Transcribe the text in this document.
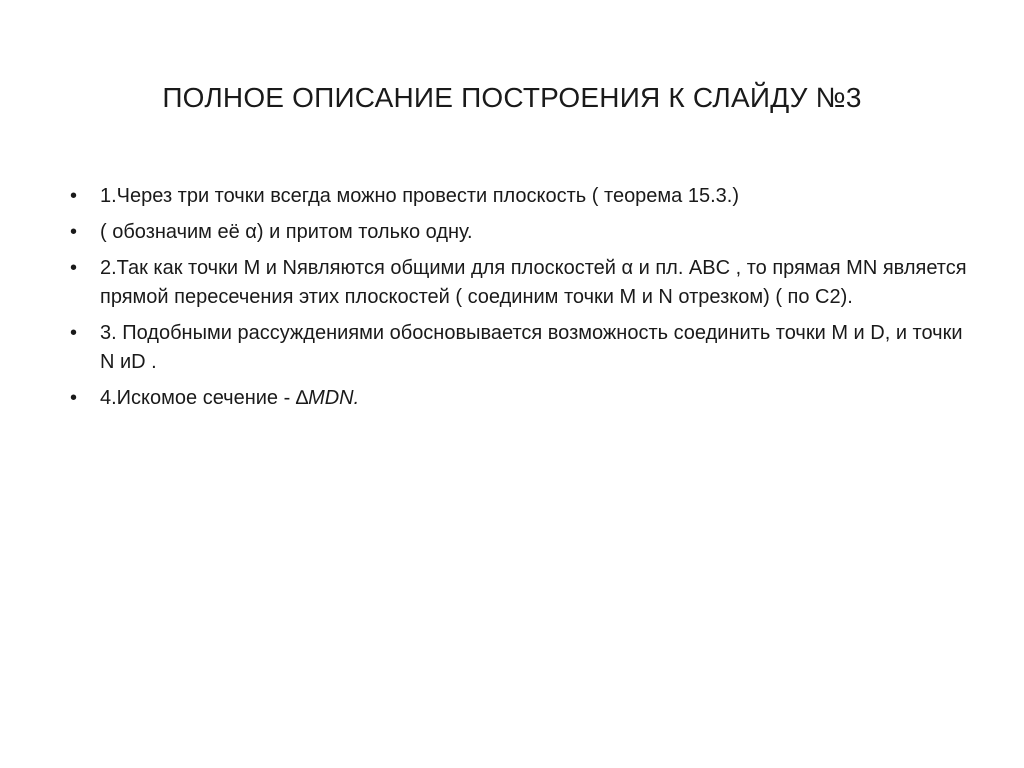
ПОЛНОЕ ОПИСАНИЕ ПОСТРОЕНИЯ К СЛАЙДУ №3
•	1.Через три точки всегда можно провести плоскость ( теорема 15.3.)
•	( обозначим её α) и притом только одну.
•	2.Так как точки M и Nявляются общими для плоскостей α и пл. ABC , то прямая MN является прямой пересечения этих плоскостей ( соединим точки M и N отрезком) ( по С2).
•	3. Подобными рассуждениями обосновывается возможность соединить точки M и D, и точки N иD .
•	4.Искомое сечение - ∆MDN.
